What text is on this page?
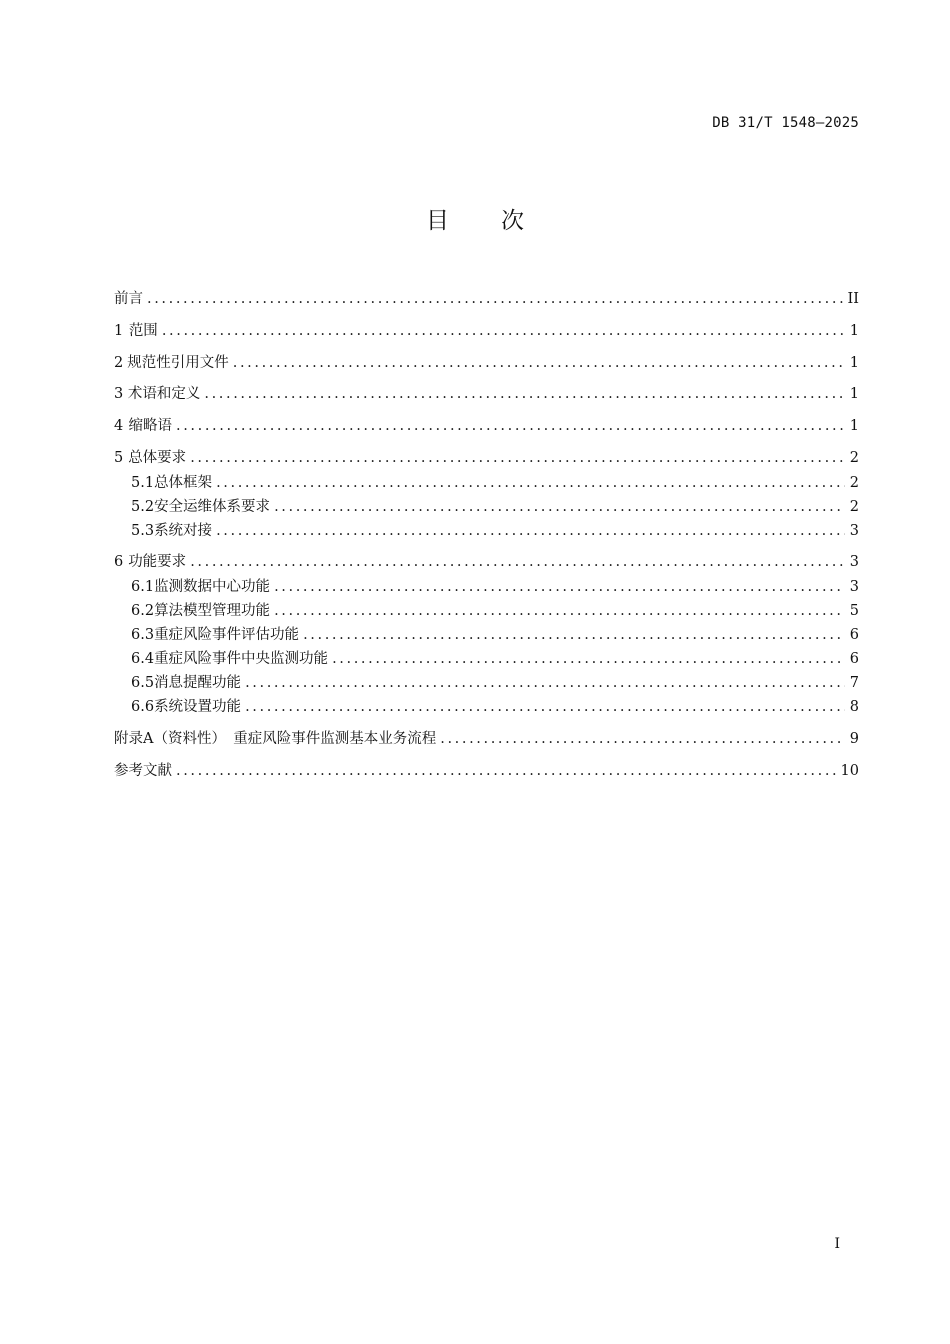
DB 31/T 1548—2025
目 次
前言 .....	II
1 范围 .....	1
2 规范性引用文件 .....	1
3 术语和定义 .....	1
4 缩略语 .....	1
5 总体要求 .....	2
5.1 总体框架 .....	2
5.2 安全运维体系要求 .....	2
5.3 系统对接 .....	3
6 功能要求 .....	3
6.1 监测数据中心功能 .....	3
6.2 算法模型管理功能 .....	5
6.3 重症风险事件评估功能 .....	6
6.4 重症风险事件中央监测功能 .....	6
6.5 消息提醒功能 .....	7
6.6 系统设置功能 .....	8
附录A（资料性）　重症风险事件监测基本业务流程 .....	9
参考文献 .....	10
I
